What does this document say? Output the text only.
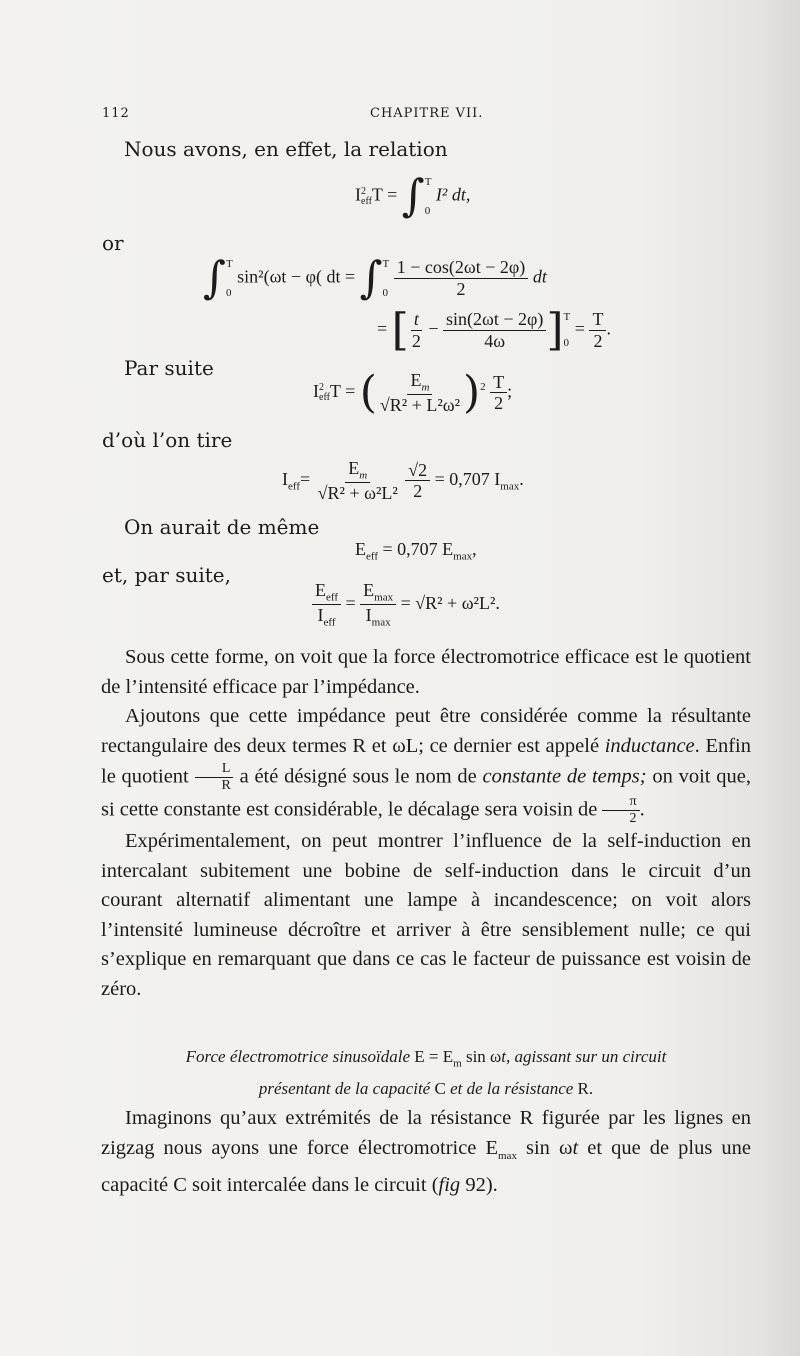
112	CHAPITRE VII.
Nous avons, en effet, la relation
I 2
eff T = ∫ T
0
I² dt,
or
∫ T
0
sin²(ωt − φ( dt = ∫ T
0
$\frac{1 - \cos(2\omega t - 2\varphi)}{2}$ dt
= [ $\frac{t}{2} - \frac{\sin(2\omega t - 2\varphi)}{4\omega}$ ] T
0
= $\frac{T}{2}$ .
Par suite
I 2
eff T = ( $\frac{E_m}{\text{√R² + L²ω²}} )^2 \frac{T}{2}$ ;
d’où l’on tire
$I_{eff}= \frac{E_m}{\text{√R² + ω²L²}}$
$\frac{√2}{2} = 0,707$ $I_{max}$.
On aurait de même
$E_{eff} = 0,707$ $E_{max}$,
et, par suite,
$\frac{E_{eff}}{I_{eff}} = \frac{E_{max}}{I_{max}} = √R^2 + \omega^2L^2$.

Sous cette forme, on voit que la force électromotrice efficace est le quotient de l’intensité efficace par l’impédance.

Ajoutons que cette impédance peut être considérée comme la résultante rectangulaire des deux termes R et ωL; ce dernier est appelé inductance. Enfin le quotient $\frac{L}{R}$ a été désigné sous le nom de constante de temps; on voit que, si cette constante est considérable, le décalage sera voisin de $\frac{\pi}{2}$ .

Expérimentalement, on peut montrer l’influence de la self-induction en intercalant subitement une bobine de self-induction dans le circuit d’un courant alternatif alimentant une lampe à incandescence; on voit alors l’intensité lumineuse décroître et arriver à être sensiblement nulle; ce qui s’explique en remarquant que dans ce cas le facteur de puissance est voisin de zéro.

Force électromotrice sinusoïdale $E = E_m$ sin ωt, agissant sur un circuit
présentant de la capacité C et de la résistance R.

Imaginons qu’aux extrémités de la résistance R figurée par les lignes en zigzag nous ayons une force électromotrice $E_{max}$ sin ωt et que de plus une capacité C soit intercalée dans le circuit (fig 92).
